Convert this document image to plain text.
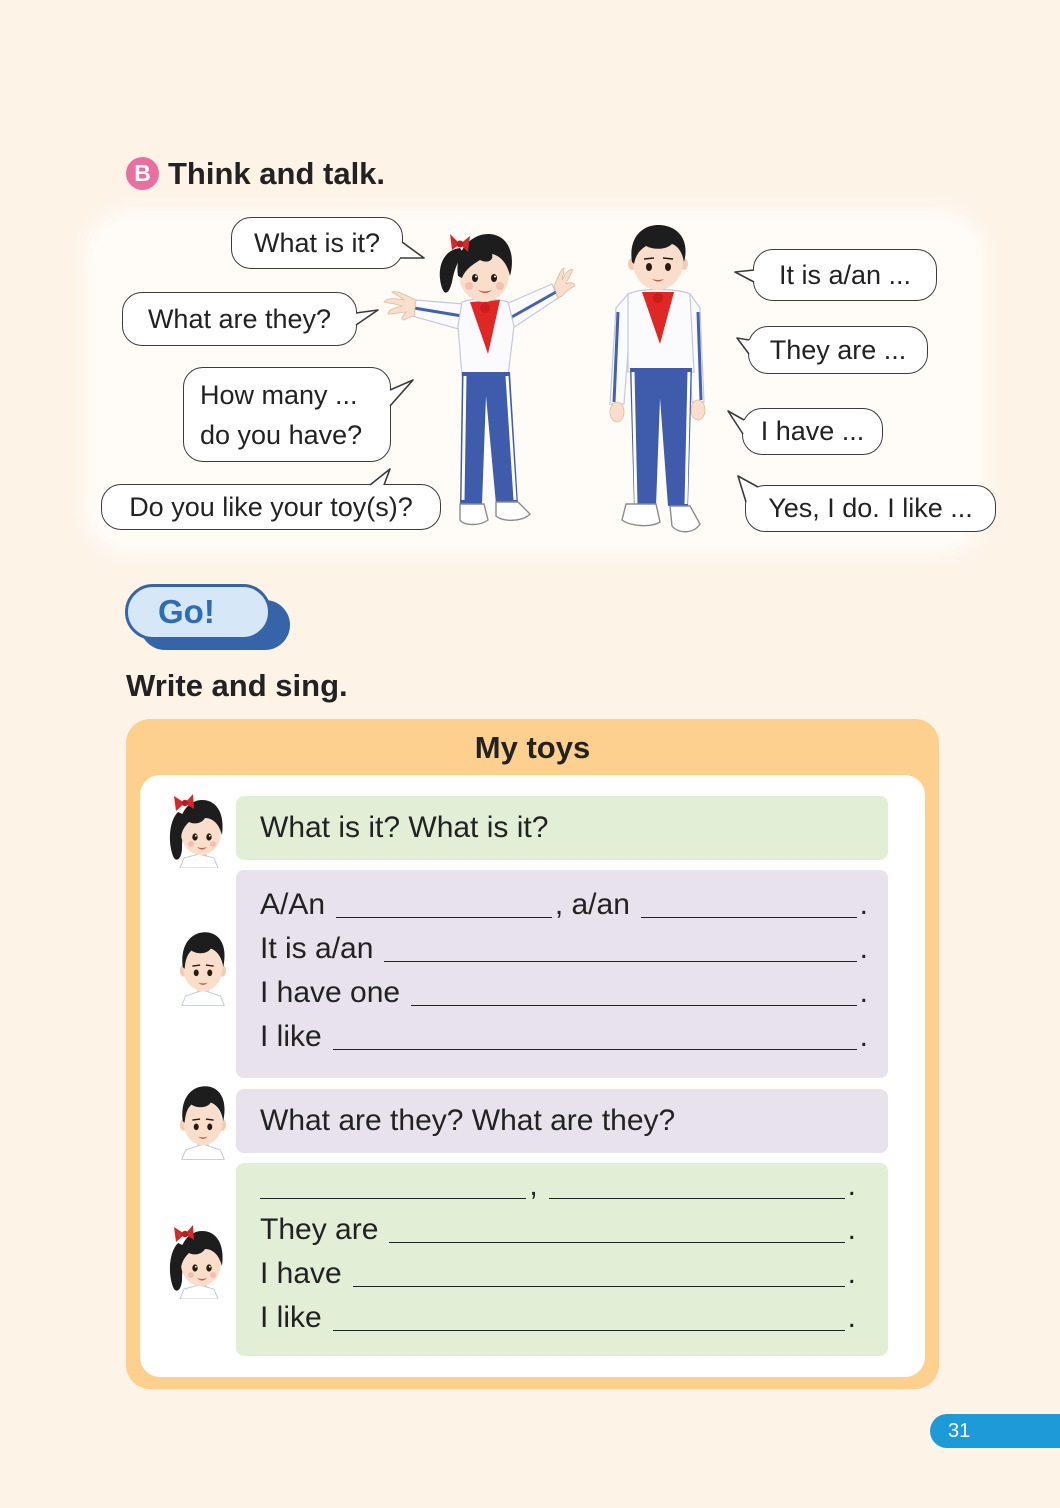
B Think and talk.
What is it?
What are they?
How many ...
do you have?
Do you like your toy(s)?
It is a/an ...
They are ...
I have ...
Yes, I do. I like ...
Go!
Write and sing.
My toys
What is it? What is it?
A/An	, a/an	.
It is a/an	.
I have one	.
I like	.
What are they? What are they?
,	.
They are	.
I have	.
I like	.
31
